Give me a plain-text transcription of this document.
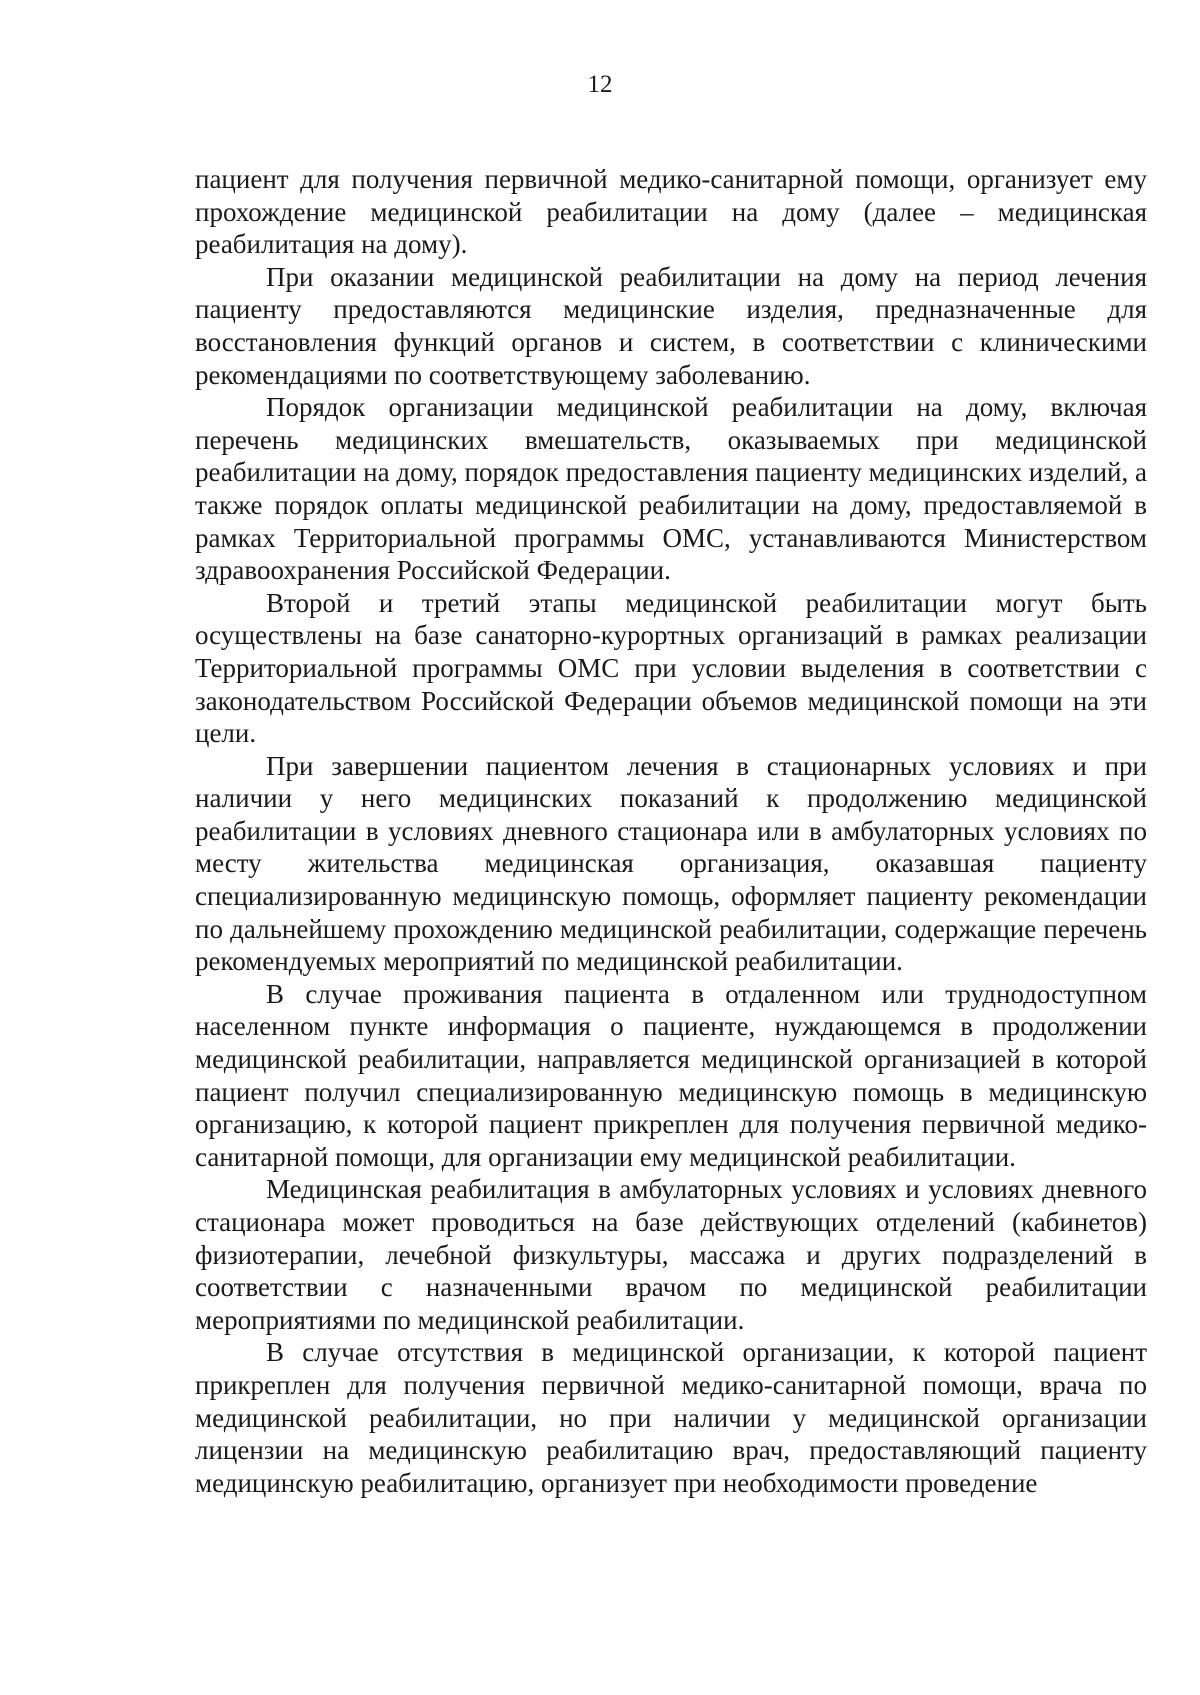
12

пациент для получения первичной медико-санитарной помощи, организует ему прохождение медицинской реабилитации на дому (далее – медицинская реабилитация на дому).

При оказании медицинской реабилитации на дому на период лечения пациенту предоставляются медицинские изделия, предназначенные для восстановления функций органов и систем, в соответствии с клиническими рекомендациями по соответствующему заболеванию.

Порядок организации медицинской реабилитации на дому, включая перечень медицинских вмешательств, оказываемых при медицинской реабилитации на дому, порядок предоставления пациенту медицинских изделий, а также порядок оплаты медицинской реабилитации на дому, предоставляемой в рамках Территориальной программы ОМС, устанавливаются Министерством здравоохранения Российской Федерации.

Второй и третий этапы медицинской реабилитации могут быть осуществлены на базе санаторно-курортных организаций в рамках реализации Территориальной программы ОМС при условии выделения в соответствии с законодательством Российской Федерации объемов медицинской помощи на эти цели.

При завершении пациентом лечения в стационарных условиях и при наличии у него медицинских показаний к продолжению медицинской реабилитации в условиях дневного стационара или в амбулаторных условиях по месту жительства медицинская организация, оказавшая пациенту специализированную медицинскую помощь, оформляет пациенту рекомендации по дальнейшему прохождению медицинской реабилитации, содержащие перечень рекомендуемых мероприятий по медицинской реабилитации.

В случае проживания пациента в отдаленном или труднодоступном населенном пункте информация о пациенте, нуждающемся в продолжении медицинской реабилитации, направляется медицинской организацией в которой пациент получил специализированную медицинскую помощь в медицинскую организацию, к которой пациент прикреплен для получения первичной медико-санитарной помощи, для организации ему медицинской реабилитации.

Медицинская реабилитация в амбулаторных условиях и условиях дневного стационара может проводиться на базе действующих отделений (кабинетов) физиотерапии, лечебной физкультуры, массажа и других подразделений в соответствии с назначенными врачом по медицинской реабилитации мероприятиями по медицинской реабилитации.

В случае отсутствия в медицинской организации, к которой пациент прикреплен для получения первичной медико-санитарной помощи, врача по медицинской реабилитации, но при наличии у медицинской организации лицензии на медицинскую реабилитацию врач, предоставляющий пациенту медицинскую реабилитацию, организует при необходимости проведение
